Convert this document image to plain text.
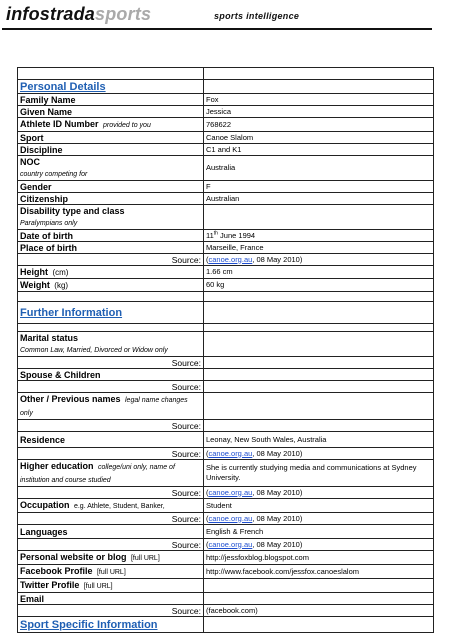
infostradasports	sports intelligence

Personal Details	
Family Name	Fox
Given Name	Jessica
Athlete ID Number provided to you	768622
Sport	Canoe Slalom
Discipline	C1 and K1
NOC
country competing for	Australia
Gender	F
Citizenship	Australian
Disability type and class
Paralympians only	
Date of birth	11th June 1994
Place of birth	Marseille, France
Source:	(canoe.org.au, 08 May 2010)
Height (cm)	1.66 cm
Weight (kg)	60 kg

Further Information	

Marital status
Common Law, Married, Divorced or Widow only	
Source:	
Spouse & Children	
Source:	
Other / Previous names legal name changes
only	
Source:	
Residence	Leonay, New South Wales, Australia
Source:	(canoe.org.au, 08 May 2010)
Higher education college/uni only, name of
institution and course studied	She is currently studying media and communications at Sydney University.
Source:	(canoe.org.au, 08 May 2010)
Occupation e.g. Athlete, Student, Banker,	Student
Source:	(canoe.org.au, 08 May 2010)
Languages	English & French
Source:	(canoe.org.au, 08 May 2010)
Personal website or blog [full URL]	http://jessfoxblog.blogspot.com
Facebook Profile [full URL]	http://www.facebook.com/jessfox.canoeslalom
Twitter Profile [full URL]	
Email	
Source:	(facebook.com)
Sport Specific Information	
